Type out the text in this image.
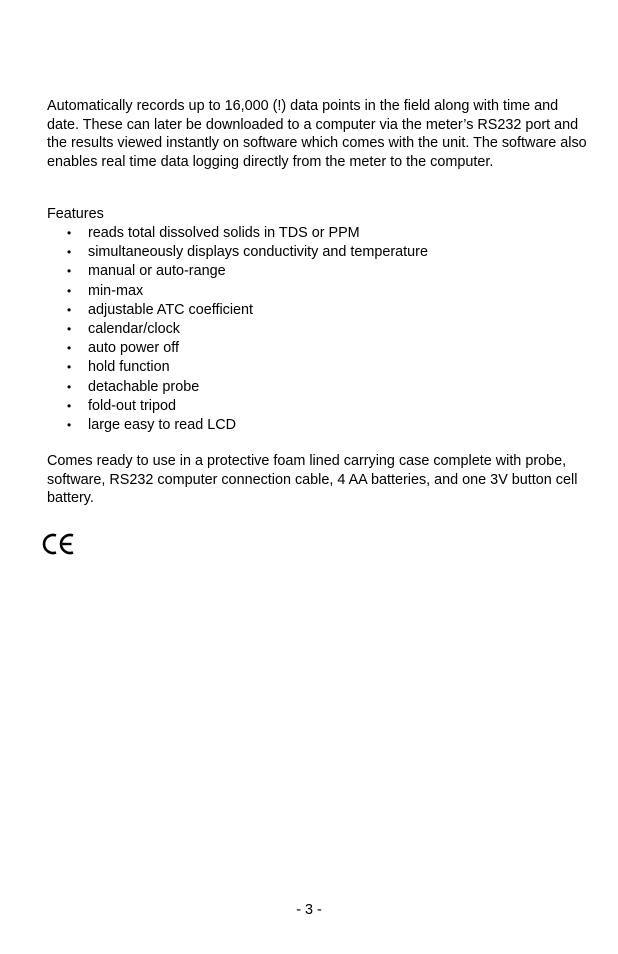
Automatically records up to 16,000 (!) data points in the field along with time and date. These can later be downloaded to a computer via the meter’s RS232 port and the results viewed instantly on software which comes with the unit. The software also enables real time data logging directly from the meter to the computer.

Features

• reads total dissolved solids in TDS or PPM
• simultaneously displays conductivity and temperature
• manual or auto-range
• min-max
• adjustable ATC coefficient
• calendar/clock
• auto power off
• hold function
• detachable probe
• fold-out tripod
• large easy to read LCD

Comes ready to use in a protective foam lined carrying case complete with probe, software, RS232 computer connection cable, 4 AA batteries, and one 3V button cell battery.

- 3 -
